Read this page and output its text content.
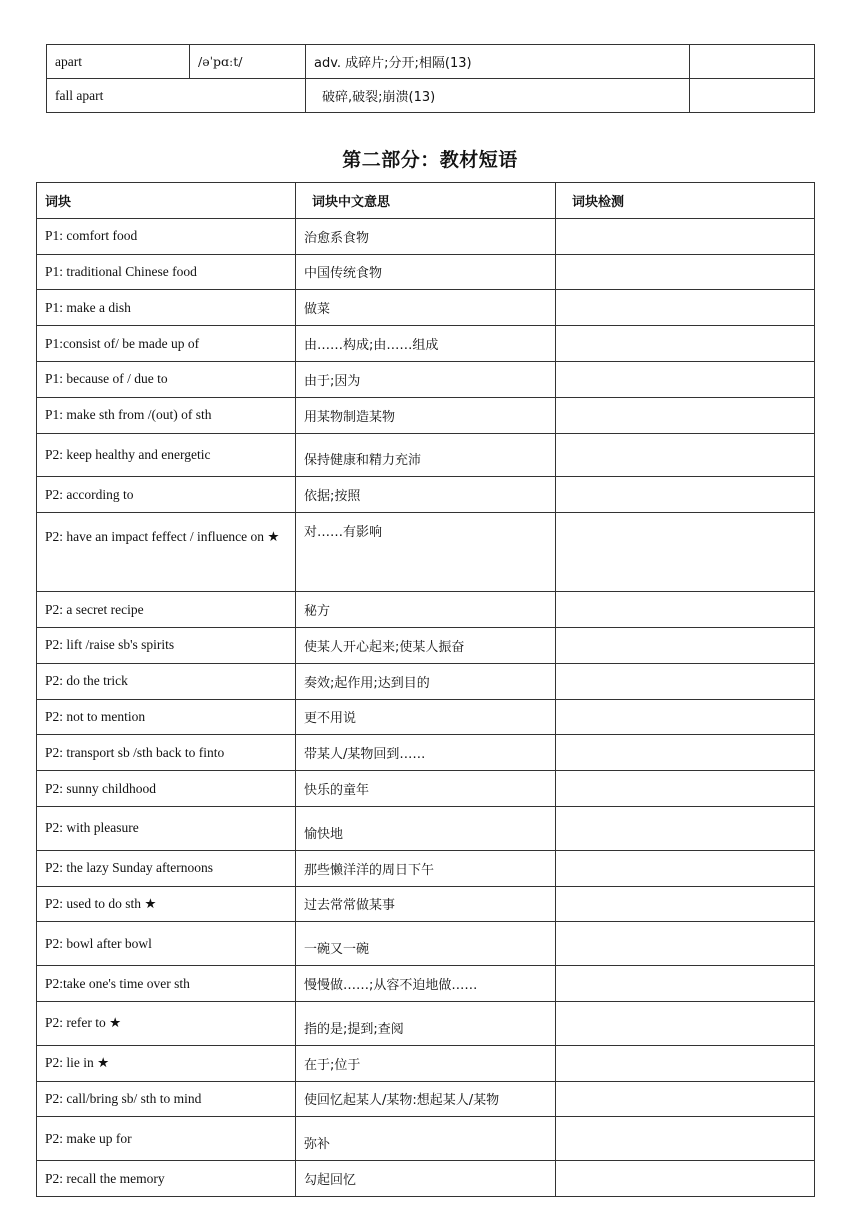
apart	/əˈpɑːt/	adv. 成碎片;分开;相隔(13)	
fall apart		破碎,破裂;崩溃(13)	
第二部分：教材短语
词块	词块中文意思	词块检测
P1: comfort food	治愈系食物	
P1: traditional Chinese food	中国传统食物	
P1: make a dish	做菜	
P1:consist of/ be made up of	由……构成;由……组成	
P1: because of / due to	由于;因为	
P1: make sth from /(out) of sth	用某物制造某物	
P2: keep healthy and energetic	保持健康和精力充沛	
P2: according to	依据;按照	
P2: have an impact feffect / influence on ★	对……有影响	
P2: a secret recipe	秘方	
P2: lift /raise sb's spirits	使某人开心起来;使某人振奋	
P2: do the trick	奏效;起作用;达到目的	
P2: not to mention	更不用说	
P2: transport sb /sth back to finto	带某人/某物回到……	
P2: sunny childhood	快乐的童年	
P2: with pleasure	愉快地	
P2: the lazy Sunday afternoons	那些懒洋洋的周日下午	
P2: used to do sth ★	过去常常做某事	
P2: bowl after bowl	一碗又一碗	
P2:take one's time over sth	慢慢做……;从容不迫地做……	
P2: refer to ★	指的是;提到;查阅	
P2: lie in ★	在于;位于	
P2: call/bring sb/ sth to mind	使回忆起某人/某物:想起某人/某物	
P2: make up for	弥补	
P2: recall the memory	勾起回忆	
